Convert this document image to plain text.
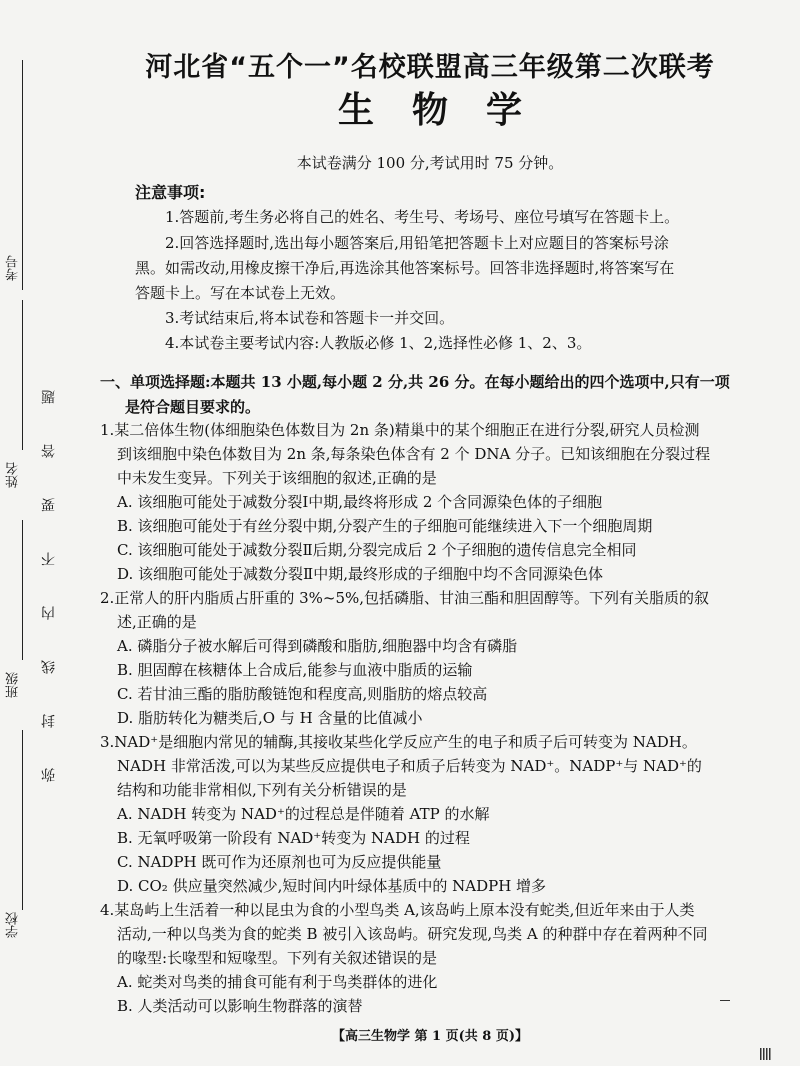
考号
姓名
班级
学校
弥封线内不要答题
河北省“五个一”名校联盟高三年级第二次联考
生物学
本试卷满分 100 分,考试用时 75 分钟。
注意事项:
1.答题前,考生务必将自己的姓名、考生号、考场号、座位号填写在答题卡上。
2.回答选择题时,选出每小题答案后,用铅笔把答题卡上对应题目的答案标号涂
黑。如需改动,用橡皮擦干净后,再选涂其他答案标号。回答非选择题时,将答案写在
答题卡上。写在本试卷上无效。
3.考试结束后,将本试卷和答题卡一并交回。
4.本试卷主要考试内容:人教版必修 1、2,选择性必修 1、2、3。
一、单项选择题:本题共 13 小题,每小题 2 分,共 26 分。在每小题给出的四个选项中,只有一项
是符合题目要求的。
1.某二倍体生物(体细胞染色体数目为 2n 条)精巢中的某个细胞正在进行分裂,研究人员检测
到该细胞中染色体数目为 2n 条,每条染色体含有 2 个 DNA 分子。已知该细胞在分裂过程
中未发生变异。下列关于该细胞的叙述,正确的是
A. 该细胞可能处于减数分裂Ⅰ中期,最终将形成 2 个含同源染色体的子细胞
B. 该细胞可能处于有丝分裂中期,分裂产生的子细胞可能继续进入下一个细胞周期
C. 该细胞可能处于减数分裂Ⅱ后期,分裂完成后 2 个子细胞的遗传信息完全相同
D. 该细胞可能处于减数分裂Ⅱ中期,最终形成的子细胞中均不含同源染色体
2.正常人的肝内脂质占肝重的 3%~5%,包括磷脂、甘油三酯和胆固醇等。下列有关脂质的叙
述,正确的是
A. 磷脂分子被水解后可得到磷酸和脂肪,细胞器中均含有磷脂
B. 胆固醇在核糖体上合成后,能参与血液中脂质的运输
C. 若甘油三酯的脂肪酸链饱和程度高,则脂肪的熔点较高
D. 脂肪转化为糖类后,O 与 H 含量的比值减小
3.NAD⁺是细胞内常见的辅酶,其接收某些化学反应产生的电子和质子后可转变为 NADH。
NADH 非常活泼,可以为某些反应提供电子和质子后转变为 NAD⁺。NADP⁺与 NAD⁺的
结构和功能非常相似,下列有关分析错误的是
A. NADH 转变为 NAD⁺的过程总是伴随着 ATP 的水解
B. 无氧呼吸第一阶段有 NAD⁺转变为 NADH 的过程
C. NADPH 既可作为还原剂也可为反应提供能量
D. CO₂ 供应量突然减少,短时间内叶绿体基质中的 NADPH 增多
4.某岛屿上生活着一种以昆虫为食的小型鸟类 A,该岛屿上原本没有蛇类,但近年来由于人类
活动,一种以鸟类为食的蛇类 B 被引入该岛屿。研究发现,鸟类 A 的种群中存在着两种不同
【高三生物学 第 1 页(共 8 页)】
的喙型:长喙型和短喙型。下列有关叙述错误的是
A. 蛇类对鸟类的捕食可能有利于鸟类群体的进化
B. 人类活动可以影响生物群落的演替
